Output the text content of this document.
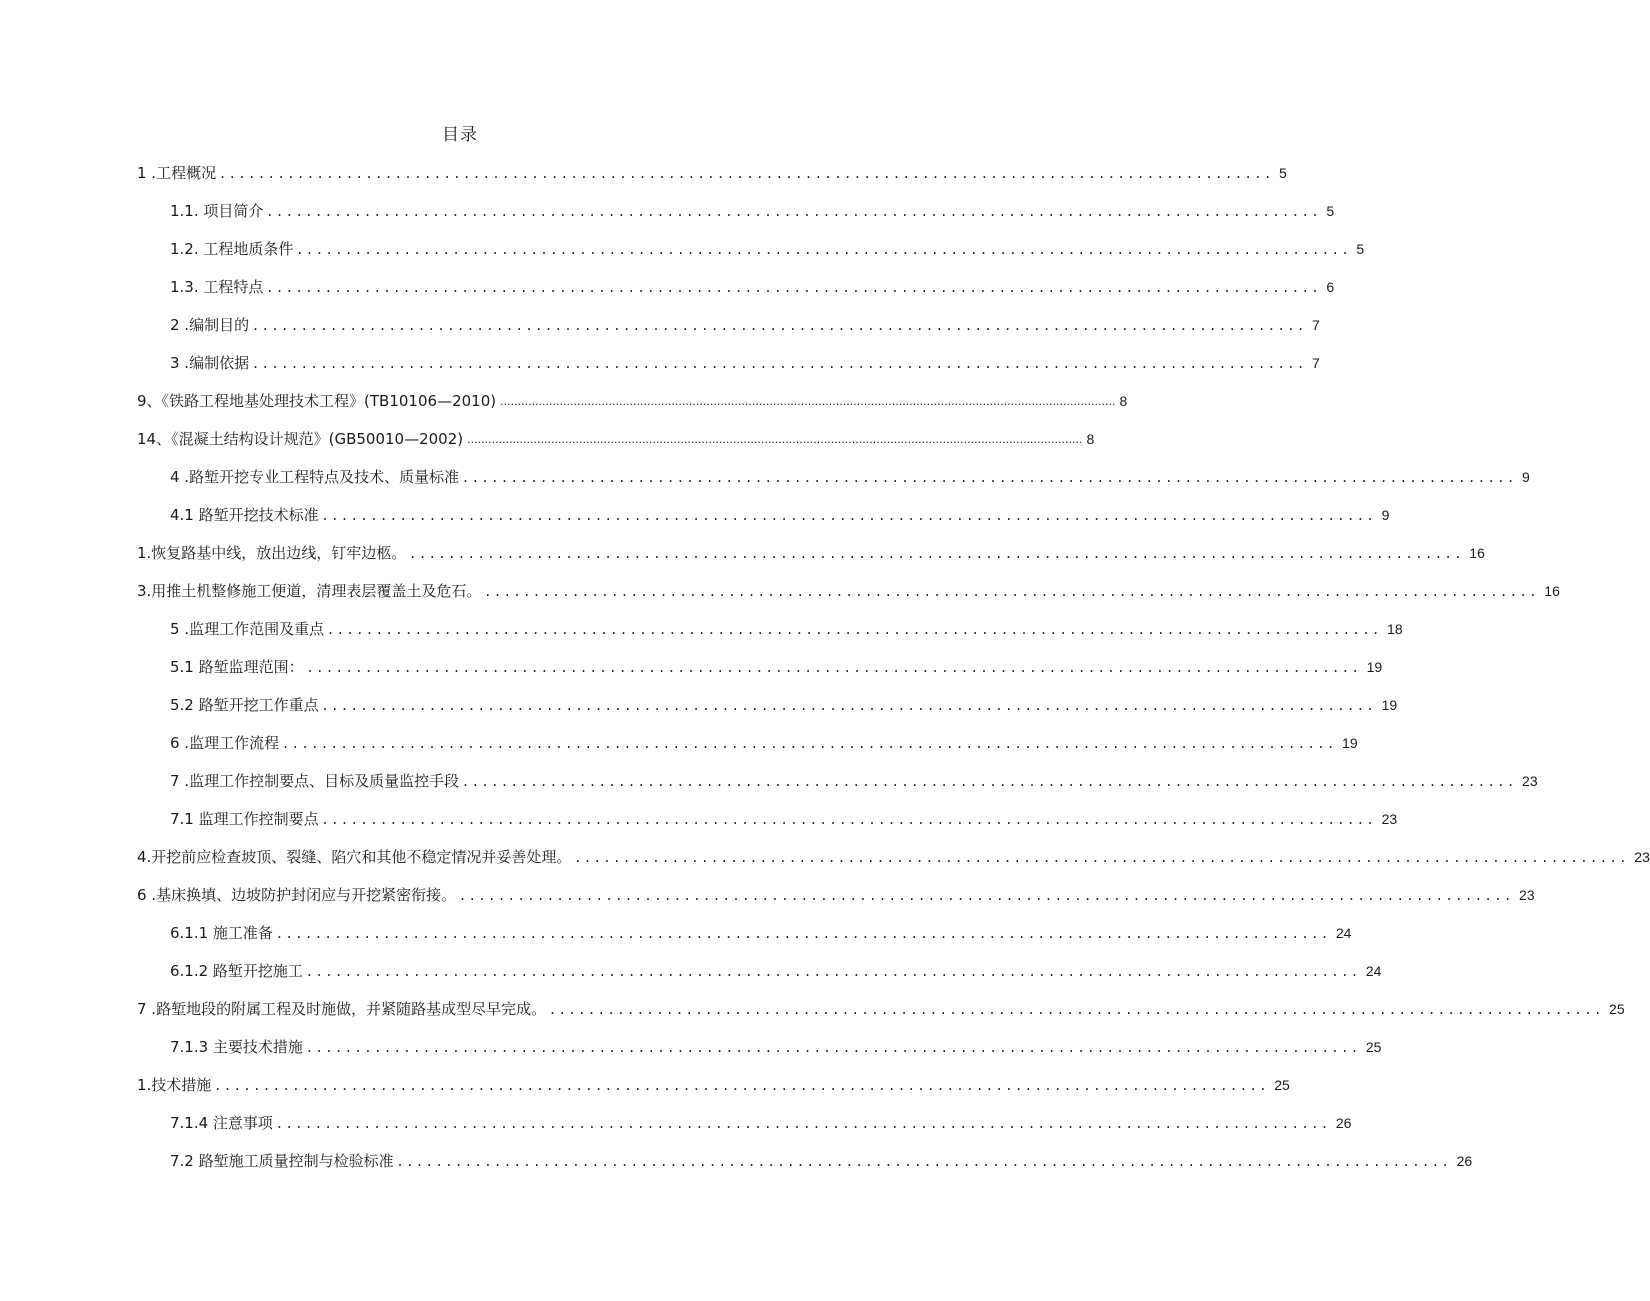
目录
1 .工程概况 ............................................................................................................ 5
1.1. 项目简介 ............................................................................................................ 5
1.2. 工程地质条件 ............................................................................................................ 5
1.3. 工程特点 ............................................................................................................ 6
2 .编制目的 ............................................................................................................ 7
3 .编制依据 ............................................................................................................ 7
9、《铁路工程地基处理技术工程》(TB10106—2010) ................................................................................................................................................................................ 8
14、《混凝土结构设计规范》(GB50010—2002) ................................................................................................................................................................................ 8
4 .路堑开挖专业工程特点及技术、质量标准 ............................................................................................................ 9
4.1 路堑开挖技术标准 ............................................................................................................ 9
1.恢复路基中线，放出边线，钉牢边柩。 ............................................................................................................ 16
3.用推土机整修施工便道，清理表层覆盖土及危石。 ............................................................................................................ 16
5 .监理工作范围及重点 ............................................................................................................ 18
5.1 路堑监理范围： ............................................................................................................ 19
5.2 路堑开挖工作重点 ............................................................................................................ 19
6 .监理工作流程 ............................................................................................................ 19
7 .监理工作控制要点、目标及质量监控手段 ............................................................................................................ 23
7.1 监理工作控制要点 ............................................................................................................ 23
4.开挖前应检查坡顶、裂缝、陷穴和其他不稳定情况并妥善处理。 ............................................................................................................ 23
6 .基床换填、边坡防护封闭应与开挖紧密衔接。 ............................................................................................................ 23
6.1.1 施工准备 ............................................................................................................ 24
6.1.2 路堑开挖施工 ............................................................................................................ 24
7 .路堑地段的附属工程及时施做，并紧随路基成型尽早完成。 ............................................................................................................ 25
7.1.3 主要技术措施 ............................................................................................................ 25
1.技术措施 ............................................................................................................ 25
7.1.4 注意事项 ............................................................................................................ 26
7.2 路堑施工质量控制与检验标准 ............................................................................................................ 26
